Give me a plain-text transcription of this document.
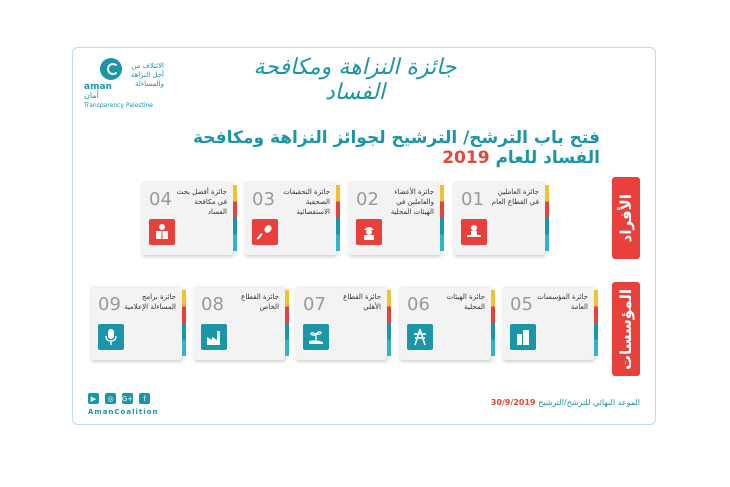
الائتلاف من أجل النزاهة والمساءلة
aman
أمان
Transparency Palestine
جائزة النزاهة ومكافحة الفساد
فتح باب الترشح/ الترشيح لجوائز النزاهة ومكافحة الفساد للعام 2019
الأفراد
المؤسسات
01	جائزة العاملين في القطاع العام
02	جائزة الأعضاء والعاملين في الهيئات المحلية
03	جائزة التحقيقات الصحفية الاستقصائية
04 جائزة أفضل بحث في مكافحة الفساد
05 جائزة المؤسسات العامة
06	جائزة الهيئات المحلية
07	جائزة القطاع الأهلي
08	جائزة القطاع الخاص
09	جائزة برامج المساءلة الإعلامية
الموعد النهائي للترشح/الترشيح 30/9/2019
▶	◎	G+	f
AmanCoalition
